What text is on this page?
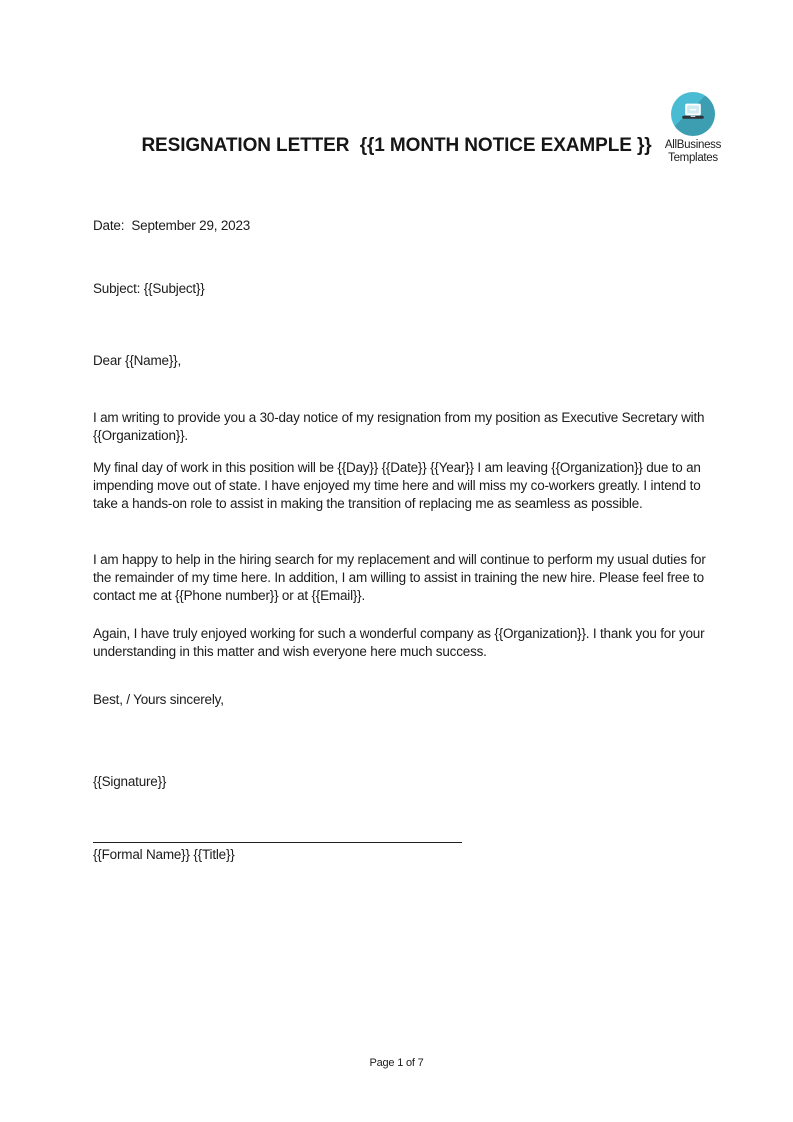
RESIGNATION LETTER  {{1 MONTH NOTICE EXAMPLE }}	AllBusiness
Templates
Date:  September 29, 2023
Subject: {{Subject}}
Dear {{Name}},
I am writing to provide you a 30-day notice of my resignation from my position as Executive Secretary with {{Organization}}.
My final day of work in this position will be {{Day}} {{Date}} {{Year}} I am leaving {{Organization}} due to an impending move out of state. I have enjoyed my time here and will miss my co-workers greatly. I intend to take a hands-on role to assist in making the transition of replacing me as seamless as possible.
I am happy to help in the hiring search for my replacement and will continue to perform my usual duties for the remainder of my time here. In addition, I am willing to assist in training the new hire. Please feel free to contact me at {{Phone number}} or at {{Email}}.
Again, I have truly enjoyed working for such a wonderful company as {{Organization}}. I thank you for your understanding in this matter and wish everyone here much success.
Best, / Yours sincerely,
{{Signature}}
{{Formal Name}} {{Title}}
Page 1 of 7
